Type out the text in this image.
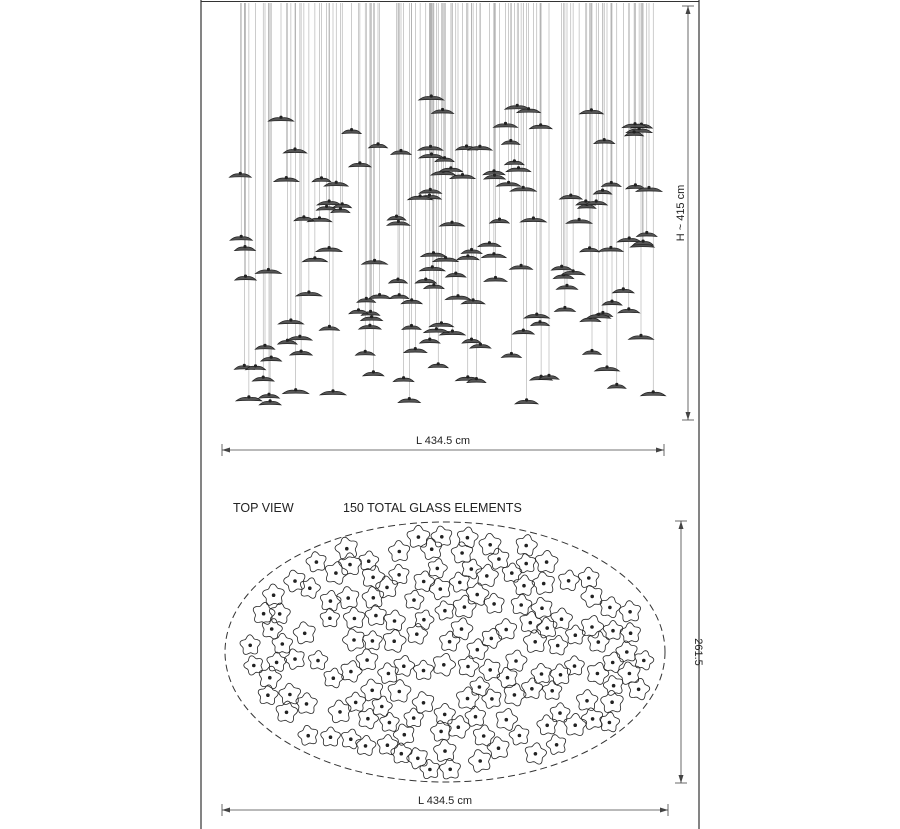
L 434.5 cm
H ~ 415 cm
TOP VIEW	150 TOTAL GLASS ELEMENTS
261.5
L 434.5 cm
